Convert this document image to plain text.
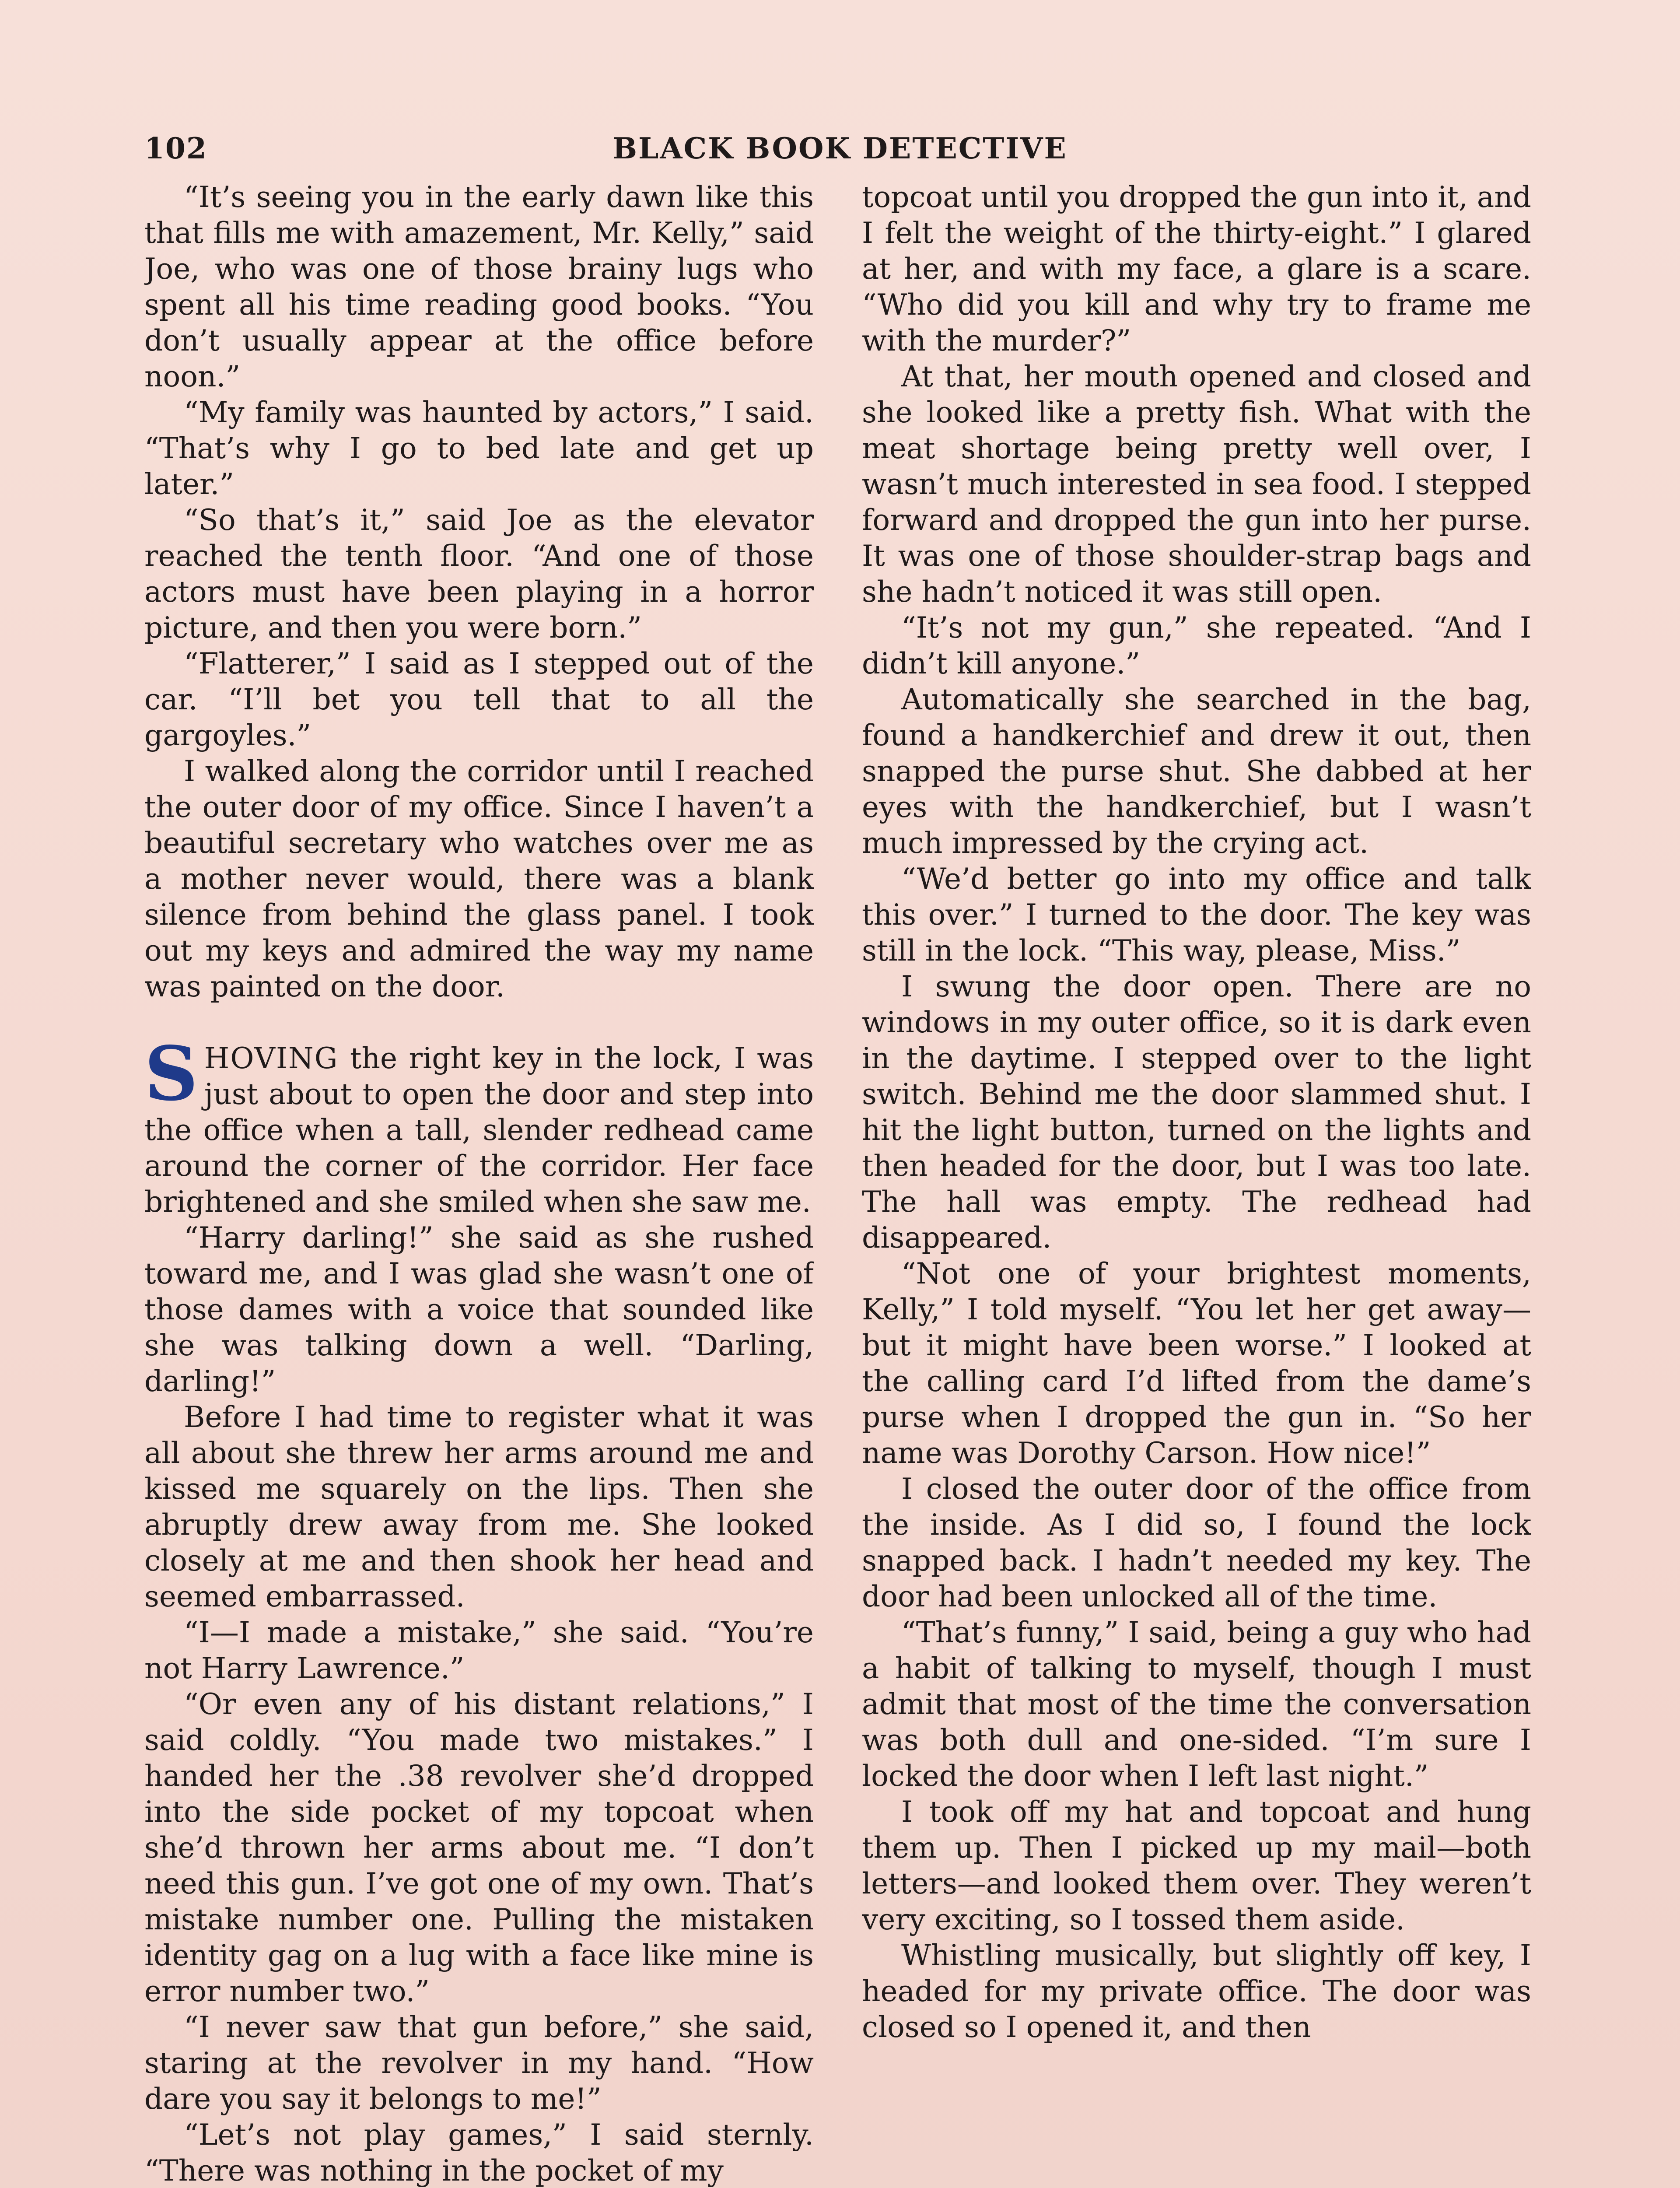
102	BLACK BOOK DETECTIVE

“It’s seeing you in the early dawn like this that fills me with amazement, Mr. Kelly,” said Joe, who was one of those brainy lugs who spent all his time reading good books. “You don’t usually appear at the office before noon.”

“My family was haunted by actors,” I said. “That’s why I go to bed late and get up later.”

“So that’s it,” said Joe as the elevator reached the tenth floor. “And one of those actors must have been playing in a horror picture, and then you were born.”

“Flatterer,” I said as I stepped out of the car. “I’ll bet you tell that to all the gargoyles.”

I walked along the corridor until I reached the outer door of my office. Since I haven’t a beautiful secretary who watches over me as a mother never would, there was a blank silence from behind the glass panel. I took out my keys and admired the way my name was painted on the door.

SHOVING the right key in the lock, I was just about to open the door and step into the office when a tall, slender redhead came around the corner of the corridor. Her face brightened and she smiled when she saw me.

“Harry darling!” she said as she rushed toward me, and I was glad she wasn’t one of those dames with a voice that sounded like she was talking down a well. “Darling, darling!”

Before I had time to register what it was all about she threw her arms around me and kissed me squarely on the lips. Then she abruptly drew away from me. She looked closely at me and then shook her head and seemed embarrassed.

“I—I made a mistake,” she said. “You’re not Harry Lawrence.”

“Or even any of his distant relations,” I said coldly. “You made two mistakes.” I handed her the .38 revolver she’d dropped into the side pocket of my topcoat when she’d thrown her arms about me. “I don’t need this gun. I’ve got one of my own. That’s mistake number one. Pulling the mistaken identity gag on a lug with a face like mine is error number two.”

“I never saw that gun before,” she said, staring at the revolver in my hand. “How dare you say it belongs to me!”

“Let’s not play games,” I said sternly. “There was nothing in the pocket of my

topcoat until you dropped the gun into it, and I felt the weight of the thirty-eight.” I glared at her, and with my face, a glare is a scare. “Who did you kill and why try to frame me with the murder?”

At that, her mouth opened and closed and she looked like a pretty fish. What with the meat shortage being pretty well over, I wasn’t much interested in sea food. I stepped forward and dropped the gun into her purse. It was one of those shoulder-strap bags and she hadn’t noticed it was still open.

“It’s not my gun,” she repeated. “And I didn’t kill anyone.”

Automatically she searched in the bag, found a handkerchief and drew it out, then snapped the purse shut. She dabbed at her eyes with the handkerchief, but I wasn’t much impressed by the crying act.

“We’d better go into my office and talk this over.” I turned to the door. The key was still in the lock. “This way, please, Miss.”

I swung the door open. There are no windows in my outer office, so it is dark even in the daytime. I stepped over to the light switch. Behind me the door slammed shut. I hit the light button, turned on the lights and then headed for the door, but I was too late. The hall was empty. The redhead had disappeared.

“Not one of your brightest moments, Kelly,” I told myself. “You let her get away—but it might have been worse.” I looked at the calling card I’d lifted from the dame’s purse when I dropped the gun in. “So her name was Dorothy Carson. How nice!”

I closed the outer door of the office from the inside. As I did so, I found the lock snapped back. I hadn’t needed my key. The door had been unlocked all of the time.

“That’s funny,” I said, being a guy who had a habit of talking to myself, though I must admit that most of the time the conversation was both dull and one-sided. “I’m sure I locked the door when I left last night.”

I took off my hat and topcoat and hung them up. Then I picked up my mail—both letters—and looked them over. They weren’t very exciting, so I tossed them aside.

Whistling musically, but slightly off key, I headed for my private office. The door was closed so I opened it, and then
